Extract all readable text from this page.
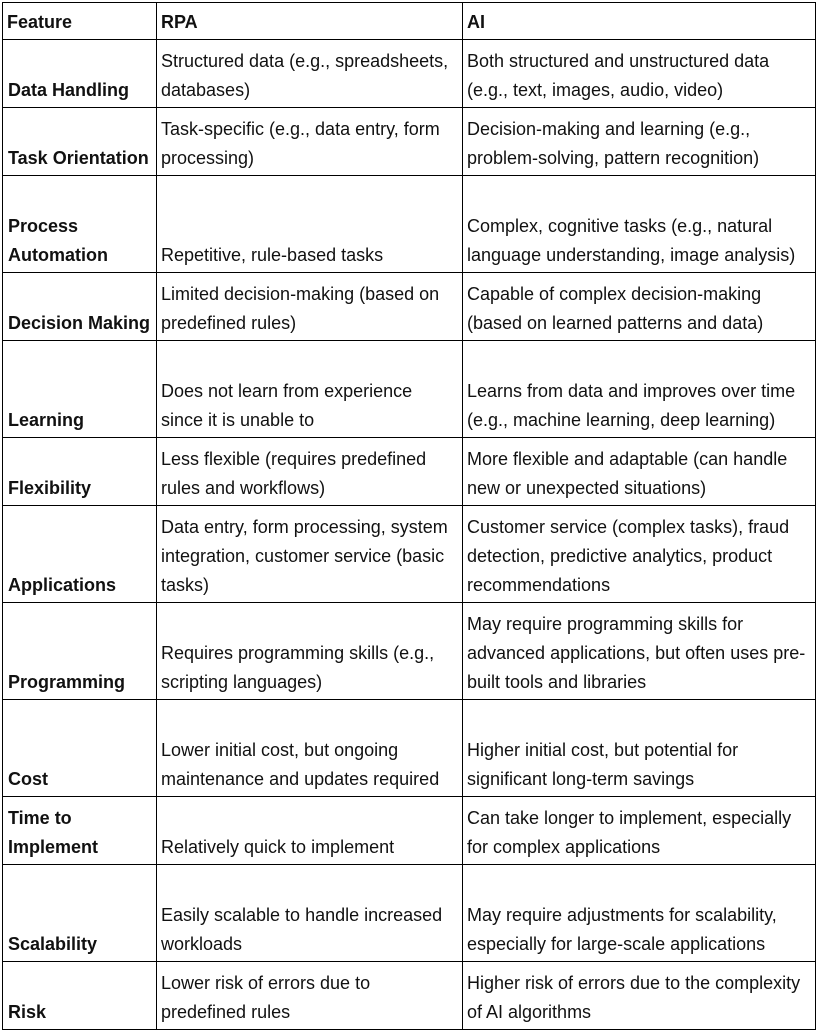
Feature	RPA	AI
Data Handling	Structured data (e.g., spreadsheets, databases)	Both structured and unstructured data (e.g., text, images, audio, video)
Task Orientation	Task-specific (e.g., data entry, form processing)	Decision-making and learning (e.g., problem-solving, pattern recognition)
Process Automation	Repetitive, rule-based tasks	Complex, cognitive tasks (e.g., natural language understanding, image analysis)
Decision Making	Limited decision-making (based on predefined rules)	Capable of complex decision-making (based on learned patterns and data)
Learning	Does not learn from experience since it is unable to	Learns from data and improves over time (e.g., machine learning, deep learning)
Flexibility	Less flexible (requires predefined rules and workflows)	More flexible and adaptable (can handle new or unexpected situations)
Applications	Data entry, form processing, system integration, customer service (basic tasks)	Customer service (complex tasks), fraud detection, predictive analytics, product recommendations
Programming	Requires programming skills (e.g., scripting languages)	May require programming skills for advanced applications, but often uses pre-built tools and libraries
Cost	Lower initial cost, but ongoing maintenance and updates required	Higher initial cost, but potential for significant long-term savings
Time to Implement	Relatively quick to implement	Can take longer to implement, especially for complex applications
Scalability	Easily scalable to handle increased workloads	May require adjustments for scalability, especially for large-scale applications
Risk	Lower risk of errors due to predefined rules	Higher risk of errors due to the complexity of AI algorithms
